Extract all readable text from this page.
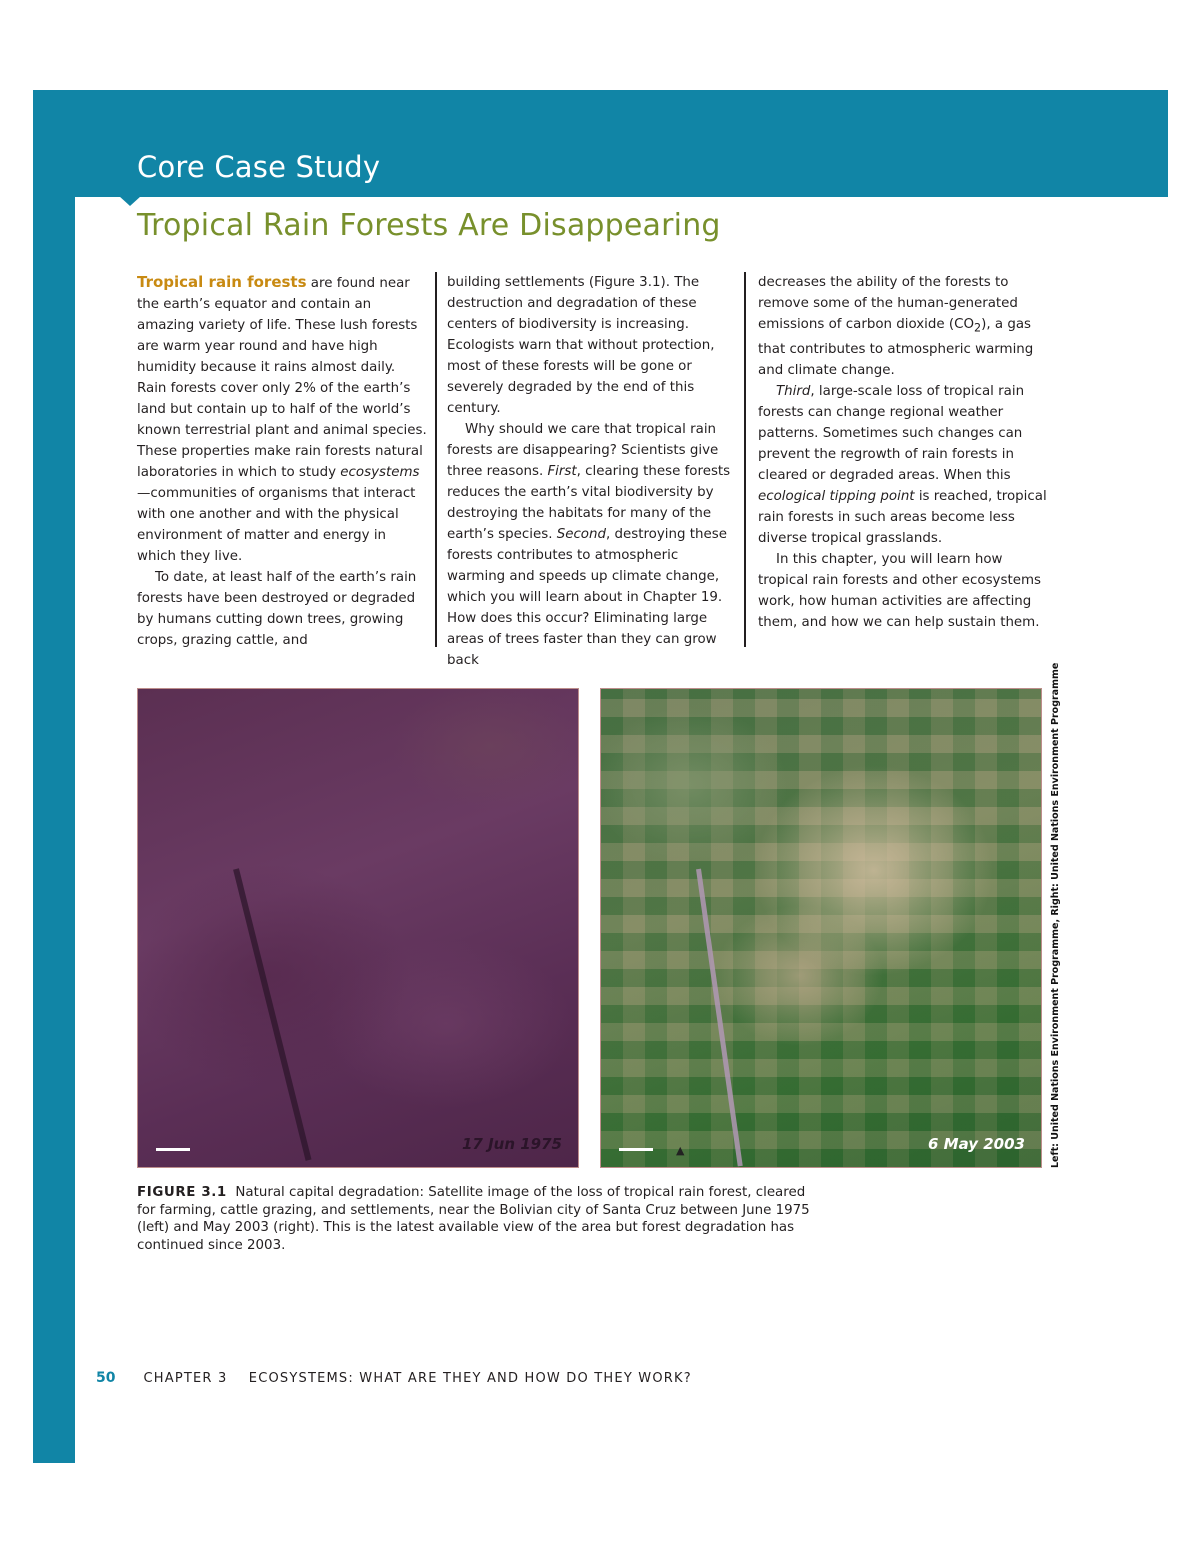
Core Case Study
Tropical Rain Forests Are Disappearing

Tropical rain forests are found near the earth’s equator and contain an amazing variety of life. These lush forests are warm year round and have high humidity because it rains almost daily. Rain forests cover only 2% of the earth’s land but contain up to half of the world’s known terrestrial plant and animal species. These properties make rain forests natural laboratories in which to study ecosystems—communities of organisms that interact with one another and with the physical environment of matter and energy in which they live.

To date, at least half of the earth’s rain forests have been destroyed or degraded by humans cutting down trees, growing crops, grazing cattle, and

building settlements (Figure 3.1). The destruction and degradation of these centers of biodiversity is increasing. Ecologists warn that without protection, most of these forests will be gone or severely degraded by the end of this century.

Why should we care that tropical rain forests are disappearing? Scientists give three reasons. First, clearing these forests reduces the earth’s vital biodiversity by destroying the habitats for many of the earth’s species. Second, destroying these forests contributes to atmospheric warming and speeds up climate change, which you will learn about in Chapter 19. How does this occur? Eliminating large areas of trees faster than they can grow back

decreases the ability of the forests to remove some of the human-generated emissions of carbon dioxide $(CO_2)$, a gas that contributes to atmospheric warming and climate change.

Third, large-scale loss of tropical rain forests can change regional weather patterns. Sometimes such changes can prevent the regrowth of rain forests in cleared or degraded areas. When this ecological tipping point is reached, tropical rain forests in such areas become less diverse tropical grasslands.

In this chapter, you will learn how tropical rain forests and other ecosystems work, how human activities are affecting them, and how we can help sustain them.

17 Jun 1975	▲	6 May 2003	Left: United Nations Environment Programme, Right: United Nations Environment Programme
FIGURE 3.1 Natural capital degradation: Satellite image of the loss of tropical rain forest, cleared for farming, cattle grazing, and settlements, near the Bolivian city of Santa Cruz between June 1975 (left) and May 2003 (right). This is the latest available view of the area but forest degradation has continued since 2003.
50 CHAPTER 3    ECOSYSTEMS: WHAT ARE THEY AND HOW DO THEY WORK?
